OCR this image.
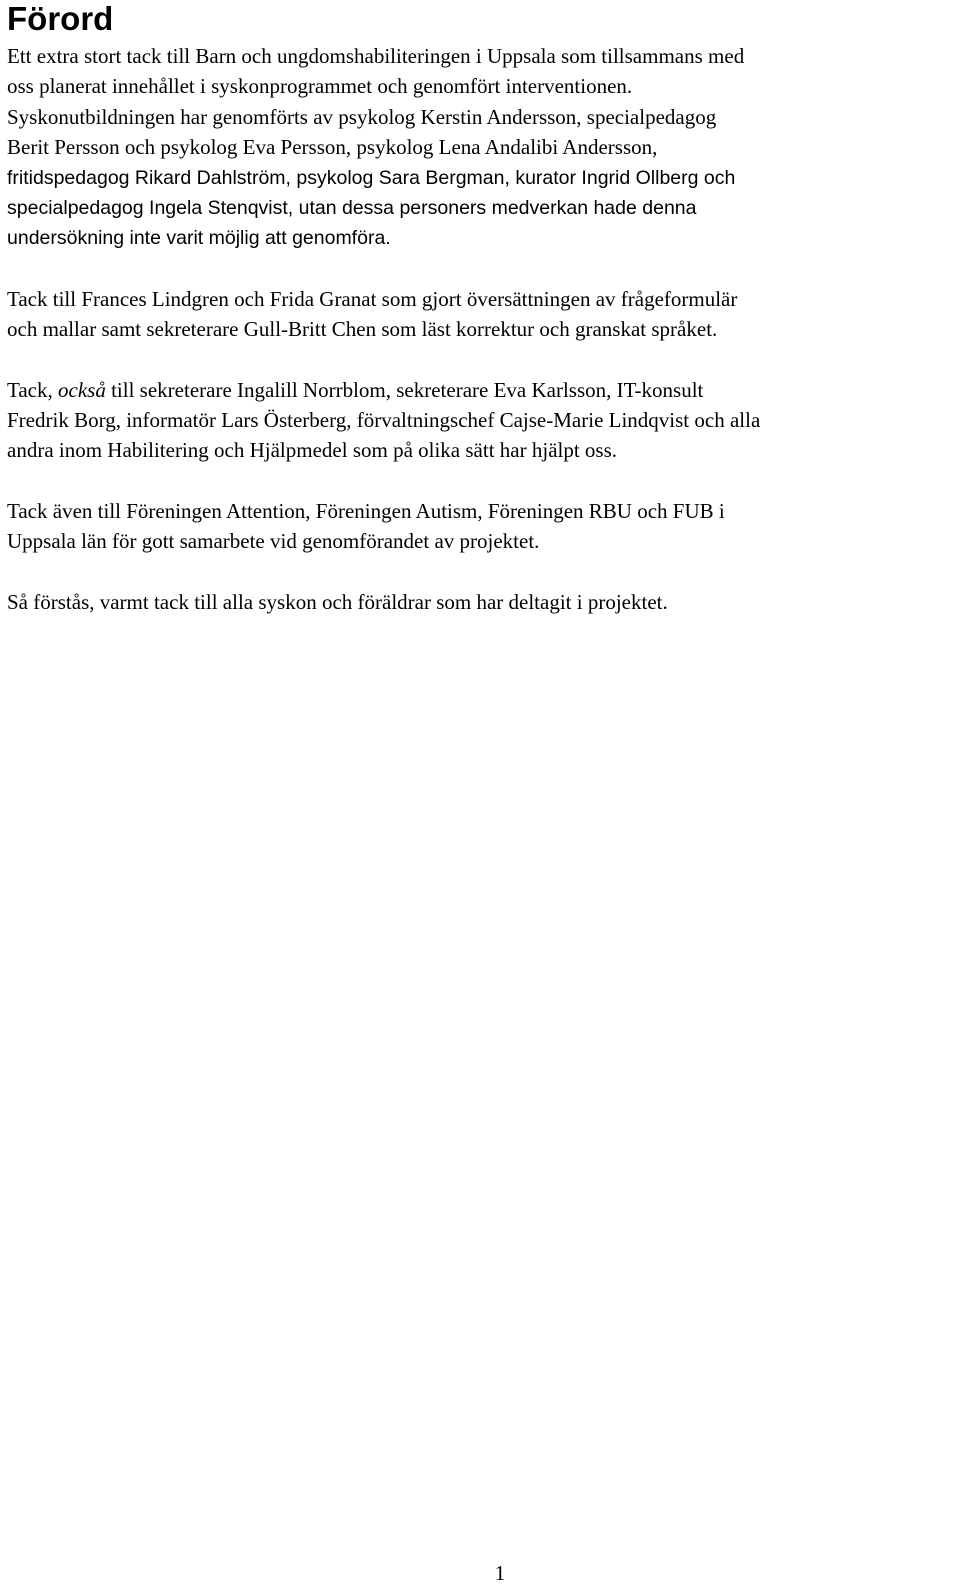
Förord

Ett extra stort tack till Barn och ungdomshabiliteringen i Uppsala som tillsammans med
oss planerat innehållet i syskonprogrammet och genomfört interventionen.
Syskonutbildningen har genomförts av psykolog Kerstin Andersson, specialpedagog
Berit Persson och psykolog Eva Persson, psykolog Lena Andalibi Andersson,
fritidspedagog Rikard Dahlström, psykolog Sara Bergman, kurator Ingrid Ollberg och
specialpedagog Ingela Stenqvist, utan dessa personers medverkan hade denna
undersökning inte varit möjlig att genomföra.

Tack till Frances Lindgren och Frida Granat som gjort översättningen av frågeformulär
och mallar samt sekreterare Gull-Britt Chen som läst korrektur och granskat språket.

Tack, också till sekreterare Ingalill Norrblom, sekreterare Eva Karlsson, IT-konsult
Fredrik Borg, informatör Lars Österberg, förvaltningschef Cajse-Marie Lindqvist och alla
andra inom Habilitering och Hjälpmedel som på olika sätt har hjälpt oss.

Tack även till Föreningen Attention, Föreningen Autism, Föreningen RBU och FUB i
Uppsala län för gott samarbete vid genomförandet av projektet.

Så förstås, varmt tack till alla syskon och föräldrar som har deltagit i projektet.

1
